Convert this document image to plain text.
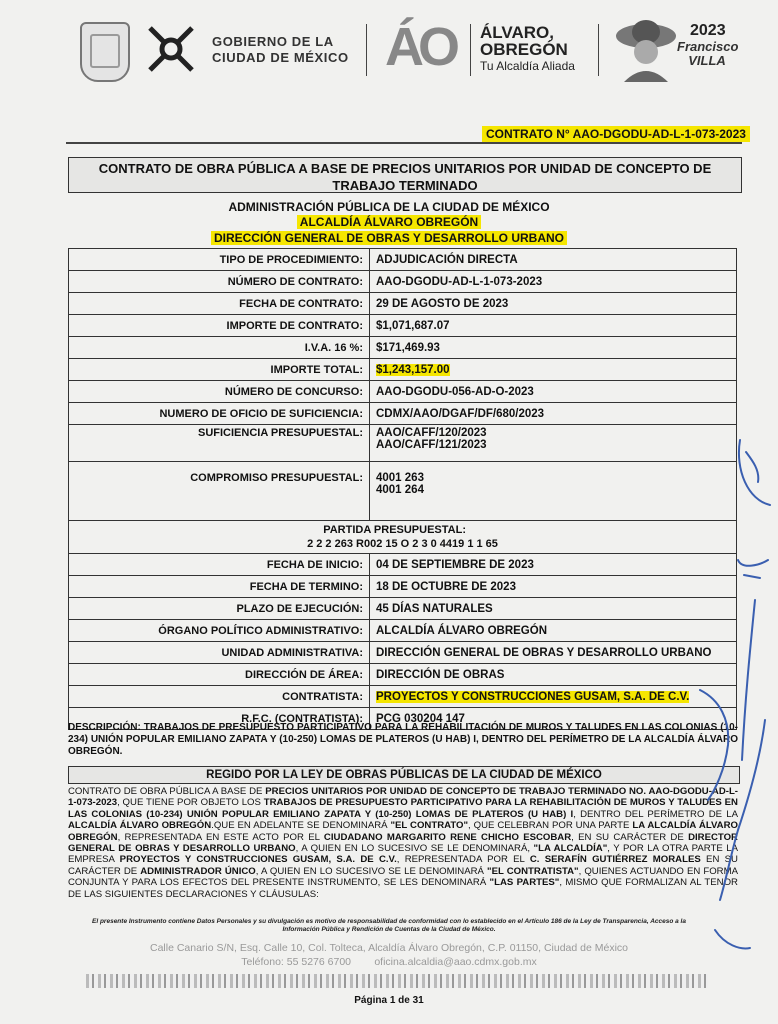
GOBIERNO DE LA
CIUDAD DE MÉXICO ÁO	ÁLVARO,
OBREGÓN
Tu Alcaldía Aliada
2023
Francisco
VILLA
CONTRATO N° AAO-DGODU-AD-L-1-073-2023
CONTRATO DE OBRA PÚBLICA A BASE DE PRECIOS UNITARIOS POR UNIDAD DE CONCEPTO DE TRABAJO TERMINADO
ADMINISTRACIÓN PÚBLICA DE LA CIUDAD DE MÉXICO
ALCALDÍA ÁLVARO OBREGÓN
DIRECCIÓN GENERAL DE OBRAS Y DESARROLLO URBANO
TIPO DE PROCEDIMIENTO:	ADJUDICACIÓN DIRECTA
NÚMERO DE CONTRATO:	AAO-DGODU-AD-L-1-073-2023
FECHA DE CONTRATO:	29 DE AGOSTO DE 2023
IMPORTE DE CONTRATO:	$1,071,687.07
I.V.A. 16 %:	$171,469.93
IMPORTE TOTAL:	$1,243,157.00
NÚMERO DE CONCURSO:	AAO-DGODU-056-AD-O-2023
NUMERO DE OFICIO DE SUFICIENCIA:	CDMX/AAO/DGAF/DF/680/2023
SUFICIENCIA PRESUPUESTAL:	AAO/CAFF/120/2023
AAO/CAFF/121/2023

COMPROMISO PRESUPUESTAL:	4001 263
4001 264

PARTIDA PRESUPUESTAL:
2 2 2 263 R002 15 O 2 3 0 4419 1 1 65	

FECHA DE INICIO:	04 DE SEPTIEMBRE DE 2023
FECHA DE TERMINO:	18 DE OCTUBRE DE 2023
PLAZO DE EJECUCIÓN:	45 DÍAS NATURALES
ÓRGANO POLÍTICO ADMINISTRATIVO:	ALCALDÍA ÁLVARO OBREGÓN
UNIDAD ADMINISTRATIVA:	DIRECCIÓN GENERAL DE OBRAS Y DESARROLLO URBANO
DIRECCIÓN DE ÁREA:	DIRECCIÓN DE OBRAS
CONTRATISTA:	PROYECTOS Y CONSTRUCCIONES GUSAM, S.A. DE C.V.
R.F.C. (CONTRATISTA):	PCG 030204 147
DESCRIPCIÓN: TRABAJOS DE PRESUPUESTO PARTICIPATIVO PARA LA REHABILITACIÓN DE MUROS Y TALUDES EN LAS COLONIAS (10-234) UNIÓN POPULAR EMILIANO ZAPATA Y (10-250) LOMAS DE PLATEROS (U HAB) I, DENTRO DEL PERÍMETRO DE LA ALCALDÍA ÁLVARO OBREGÓN.
REGIDO POR LA LEY DE OBRAS PÚBLICAS DE LA CIUDAD DE MÉXICO
CONTRATO DE OBRA PÚBLICA A BASE DE PRECIOS UNITARIOS POR UNIDAD DE CONCEPTO DE TRABAJO TERMINADO NO. AAO-DGODU-AD-L-1-073-2023, QUE TIENE POR OBJETO LOS TRABAJOS DE PRESUPUESTO PARTICIPATIVO PARA LA REHABILITACIÓN DE MUROS Y TALUDES EN LAS COLONIAS (10-234) UNIÓN POPULAR EMILIANO ZAPATA Y (10-250) LOMAS DE PLATEROS (U HAB) I, DENTRO DEL PERÍMETRO DE LA ALCALDÍA ÁLVARO OBREGÓN.QUE EN ADELANTE SE DENOMINARÁ "EL CONTRATO", QUE CELEBRAN POR UNA PARTE LA ALCALDÍA ÁLVARO OBREGÓN, REPRESENTADA EN ESTE ACTO POR EL CIUDADANO MARGARITO RENE CHICHO ESCOBAR, EN SU CARÁCTER DE DIRECTOR GENERAL DE OBRAS Y DESARROLLO URBANO, A QUIEN EN LO SUCESIVO SE LE DENOMINARÁ, "LA ALCALDÍA", Y POR LA OTRA PARTE LA EMPRESA PROYECTOS Y CONSTRUCCIONES GUSAM, S.A. DE C.V., REPRESENTADA POR EL C. SERAFÍN GUTIÉRREZ MORALES EN SU CARÁCTER DE ADMINISTRADOR ÚNICO, A QUIEN EN LO SUCESIVO SE LE DENOMINARÁ "EL CONTRATISTA", QUIENES ACTUANDO EN FORMA CONJUNTA Y PARA LOS EFECTOS DEL PRESENTE INSTRUMENTO, SE LES DENOMINARÁ "LAS PARTES", MISMO QUE FORMALIZAN AL TENOR DE LAS SIGUIENTES DECLARACIONES Y CLÁUSULAS:
El presente Instrumento contiene Datos Personales y su divulgación es motivo de responsabilidad de conformidad con lo establecido en el Artículo 186 de la Ley de Transparencia, Acceso a la Información Pública y Rendición de Cuentas de la Ciudad de México.
Calle Canario S/N, Esq. Calle 10, Col. Tolteca, Alcaldía Álvaro Obregón, C.P. 01150, Ciudad de México
Teléfono: 55 5276 6700        oficina.alcaldia@aao.cdmx.gob.mx
Página 1 de 31
